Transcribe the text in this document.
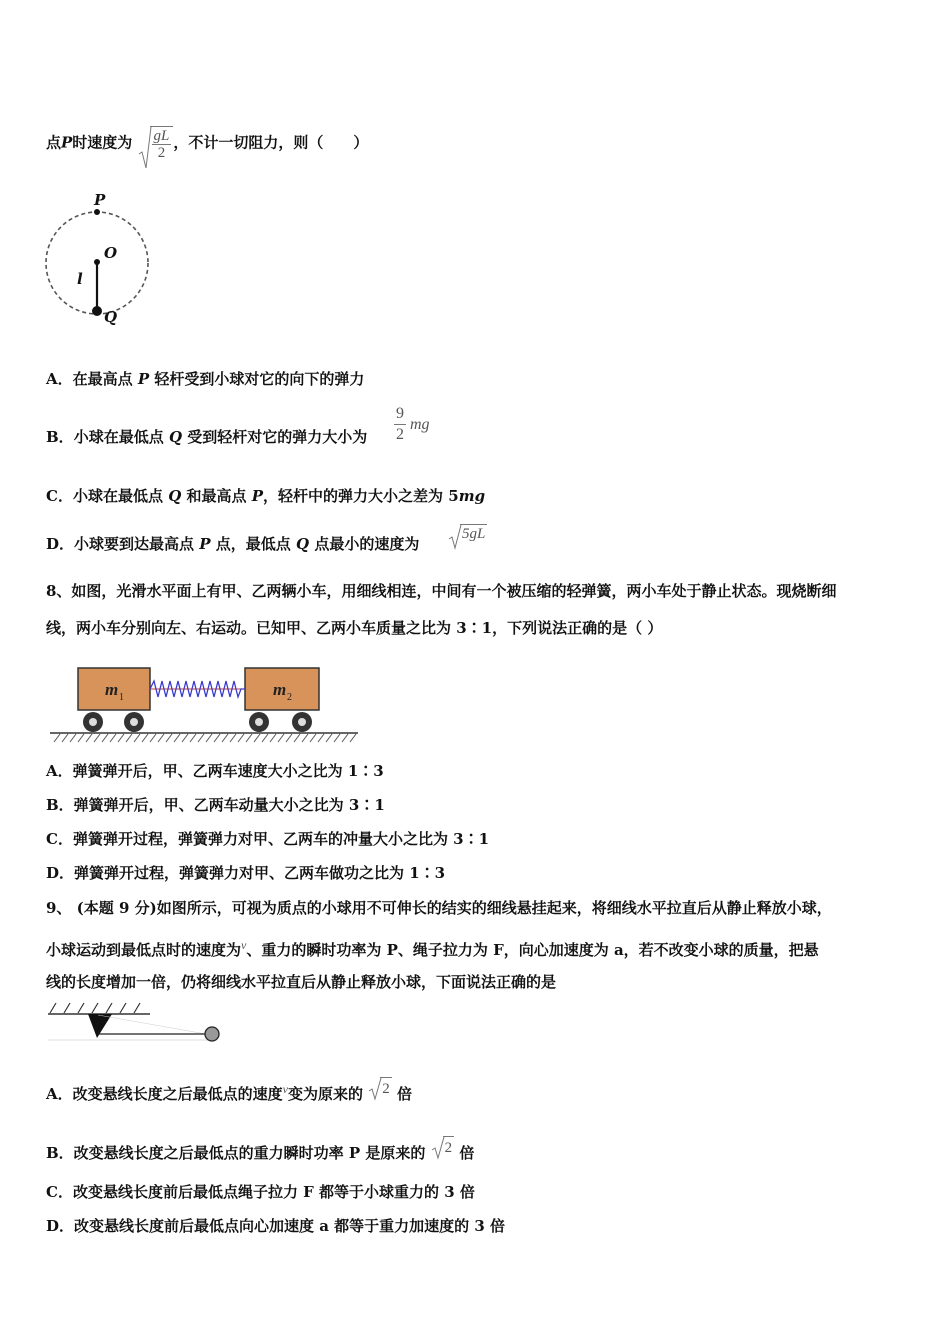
点P时速度为 $\frac{gL}{2}$ ，不计一切阻力，则（　　）
P
O
l
Q
A．在最高点 P 轻杆受到小球对它的向下的弹力
B．小球在最低点 Q 受到轻杆对它的弹力大小为 $\frac{9}{2}$ mg
C．小球在最低点 Q 和最高点 P，轻杆中的弹力大小之差为 5mg
D．小球要到达最高点 P 点，最低点 Q 点最小的速度为
5gL
8、如图，光滑水平面上有甲、乙两辆小车，用细线相连，中间有一个被压缩的轻弹簧，两小车处于静止状态。现烧断细
线，两小车分别向左、右运动。已知甲、乙两小车质量之比为 3∶1，下列说法正确的是（ ）
m 1	m 2
A．弹簧弹开后，甲、乙两车速度大小之比为 1∶3
B．弹簧弹开后，甲、乙两车动量大小之比为 3∶1
C．弹簧弹开过程，弹簧弹力对甲、乙两车的冲量大小之比为 3∶1
D．弹簧弹开过程，弹簧弹力对甲、乙两车做功之比为 1∶3
9、 (本题 9 分)如图所示，可视为质点的小球用不可伸长的结实的细线悬挂起来，将细线水平拉直后从静止释放小球，
小球运动到最低点时的速度为$^v$、重力的瞬时功率为 P、绳子拉力为 F，向心加速度为 a，若不改变小球的质量，把悬
线的长度增加一倍，仍将细线水平拉直后从静止释放小球，下面说法正确的是
A．改变悬线长度之后最低点的速度$^v$变为原来的 2 倍
B．改变悬线长度之后最低点的重力瞬时功率 P 是原来的 2 倍
C．改变悬线长度前后最低点绳子拉力 F 都等于小球重力的 3 倍
D．改变悬线长度前后最低点向心加速度 a 都等于重力加速度的 3 倍
